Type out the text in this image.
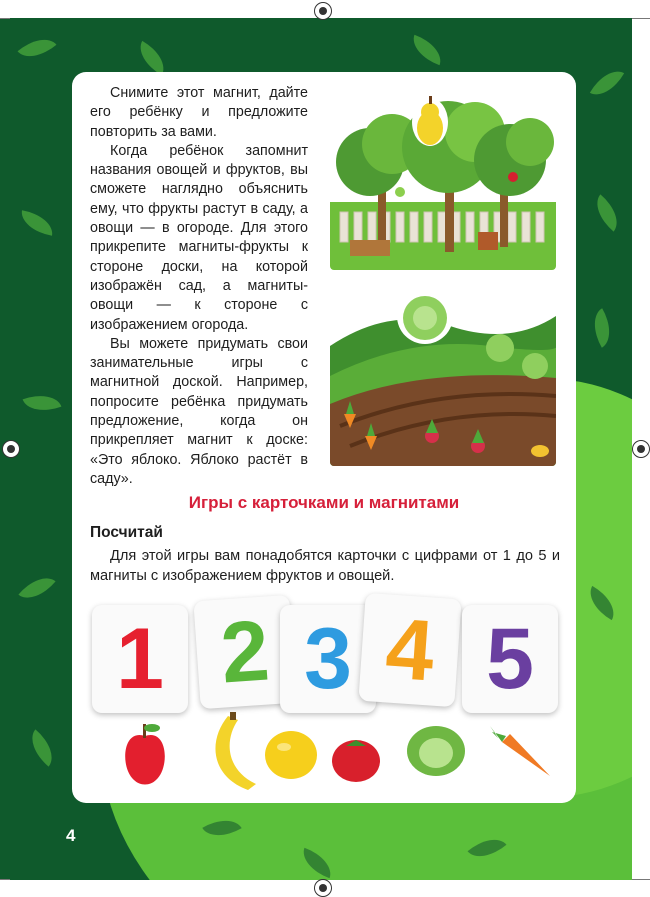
Снимите этот магнит, дайте его ребёнку и предложите повторить за вами.

Когда ребёнок запомнит названия овощей и фруктов, вы сможете наглядно объяснить ему, что фрукты растут в саду, а овощи — в огороде. Для этого прикрепите магниты-фрукты к стороне доски, на которой изображён сад, а магниты-овощи — к стороне с изображением огорода.

Вы можете придумать свои занимательные игры с магнитной доской. Например, попросите ребёнка придумать предложение, когда он прикрепляет магнит к доске: «Это яблоко. Яблоко растёт в саду».

Игры с карточками и магнитами
Посчитай

Для этой игры вам понадобятся карточки с цифрами от 1 до 5 и магниты с изображением фруктов и овощей.

1 2 3 4 5
4
